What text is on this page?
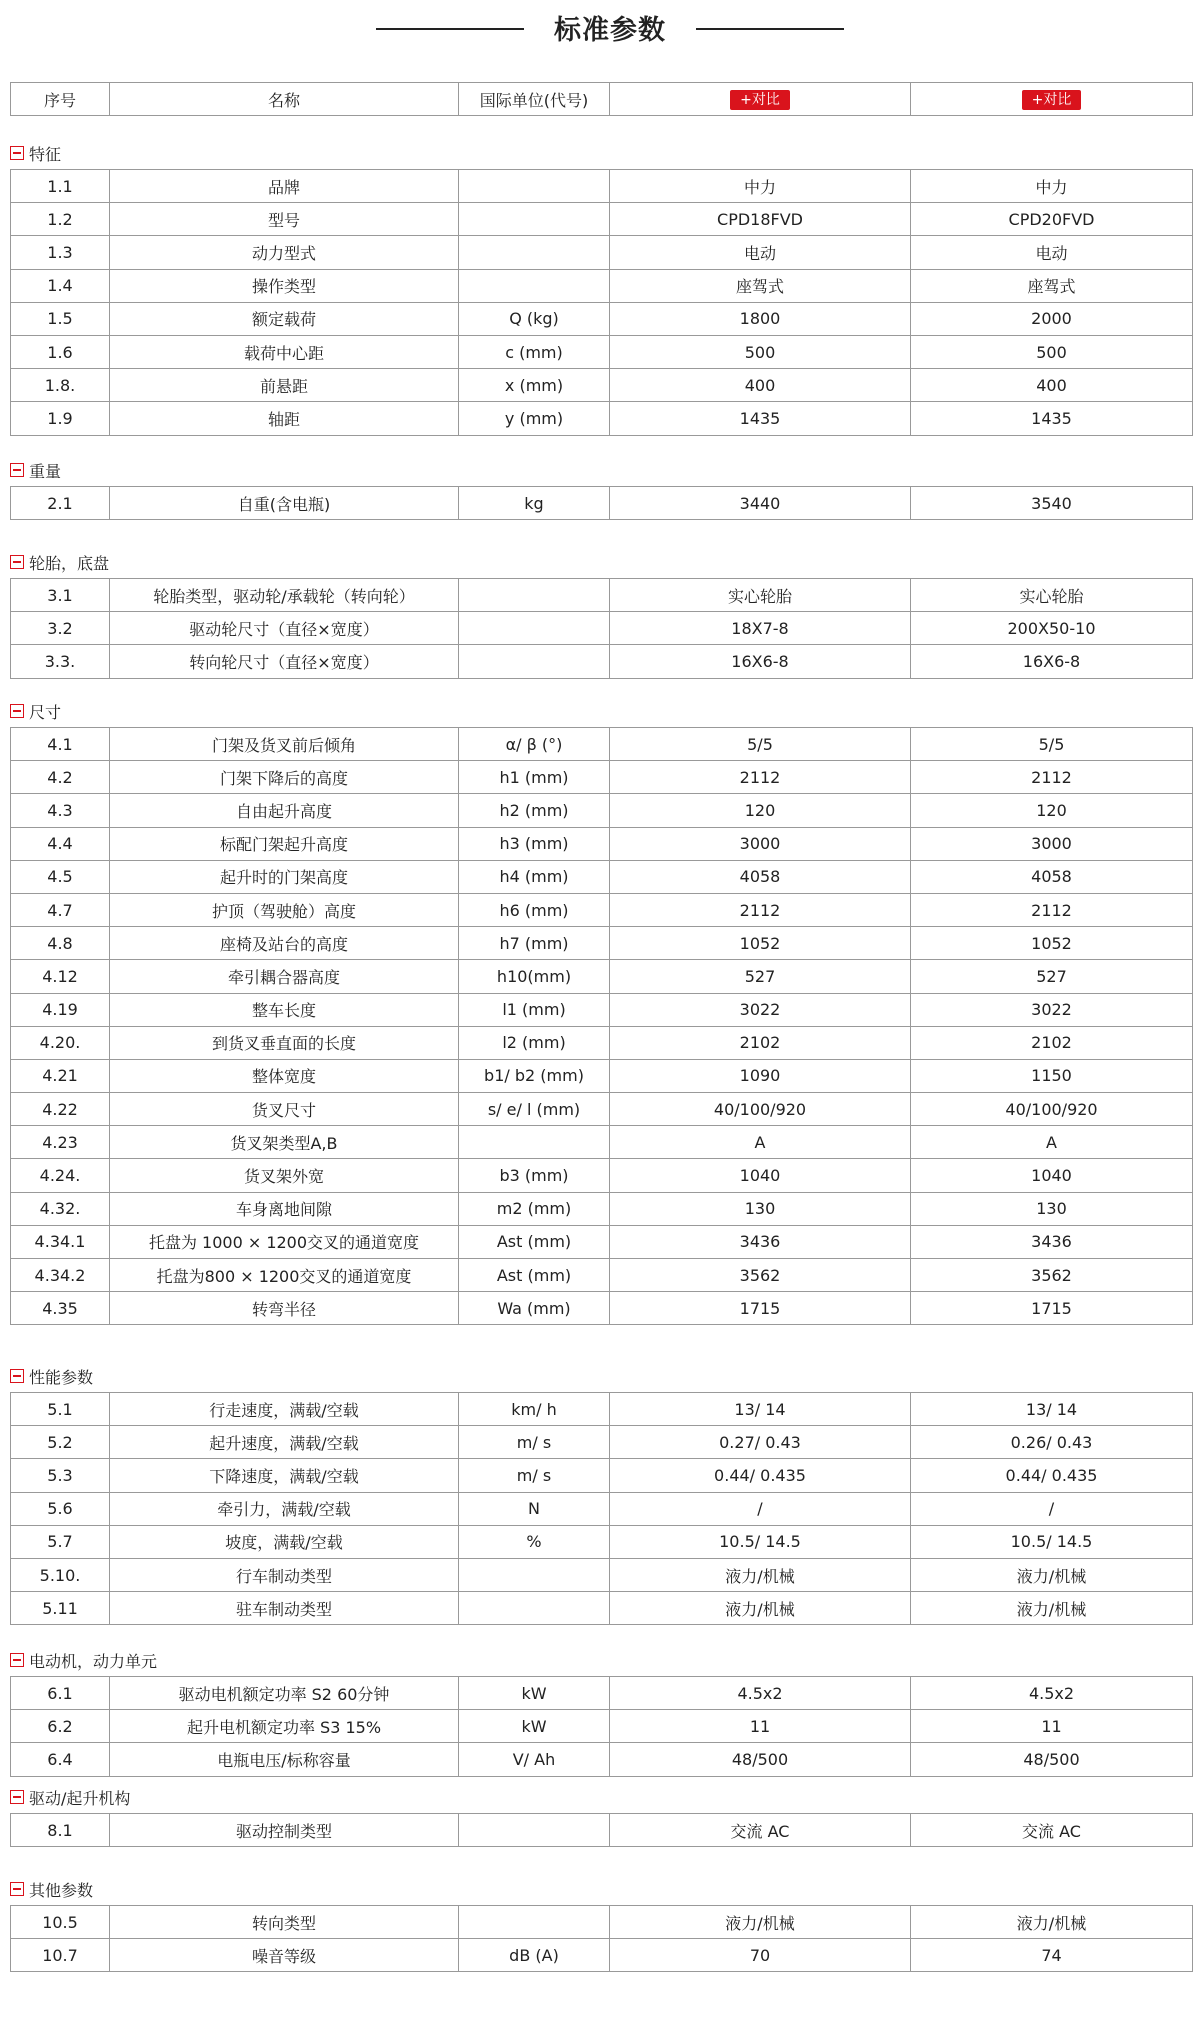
标准参数
序号	名称	国际单位(代号)	+对比	+对比
特征
1.1	品牌		中力	中力
1.2	型号		CPD18FVD	CPD20FVD
1.3	动力型式		电动	电动
1.4	操作类型		座驾式	座驾式
1.5	额定载荷	Q (kg)	1800	2000
1.6	载荷中心距	c (mm)	500	500
1.8.	前悬距	x (mm)	400	400
1.9	轴距	y (mm)	1435	1435
重量
2.1	自重(含电瓶)	kg	3440	3540
轮胎，底盘
3.1	轮胎类型，驱动轮/承载轮（转向轮）		实心轮胎	实心轮胎
3.2	驱动轮尺寸（直径×宽度）		18X7-8	200X50-10
3.3.	转向轮尺寸（直径×宽度）		16X6-8	16X6-8
尺寸
4.1	门架及货叉前后倾角	α/ β (°)	5/5	5/5
4.2	门架下降后的高度	h1 (mm)	2112	2112
4.3	自由起升高度	h2 (mm)	120	120
4.4	标配门架起升高度	h3 (mm)	3000	3000
4.5	起升时的门架高度	h4 (mm)	4058	4058
4.7	护顶（驾驶舱）高度	h6 (mm)	2112	2112
4.8	座椅及站台的高度	h7 (mm)	1052	1052
4.12	牵引耦合器高度	h10(mm)	527	527
4.19	整车长度	l1 (mm)	3022	3022
4.20.	到货叉垂直面的长度	l2 (mm)	2102	2102
4.21	整体宽度	b1/ b2 (mm)	1090	1150
4.22	货叉尺寸	s/ e/ l (mm)	40/100/920	40/100/920
4.23	货叉架类型A,B		A	A
4.24.	货叉架外宽	b3 (mm)	1040	1040
4.32.	车身离地间隙	m2 (mm)	130	130
4.34.1	托盘为 1000 × 1200交叉的通道宽度	Ast (mm)	3436	3436
4.34.2	托盘为800 × 1200交叉的通道宽度	Ast (mm)	3562	3562
4.35	转弯半径	Wa (mm)	1715	1715
性能参数
5.1	行走速度，满载/空载	km/ h	13/ 14	13/ 14
5.2	起升速度，满载/空载	m/ s	0.27/ 0.43	0.26/ 0.43
5.3	下降速度，满载/空载	m/ s	0.44/ 0.435	0.44/ 0.435
5.6	牵引力，满载/空载	N	/	/
5.7	坡度，满载/空载	%	10.5/ 14.5	10.5/ 14.5
5.10.	行车制动类型		液力/机械	液力/机械
5.11	驻车制动类型		液力/机械	液力/机械
电动机，动力单元
6.1	驱动电机额定功率 S2 60分钟	kW	4.5x2	4.5x2
6.2	起升电机额定功率 S3 15%	kW	11	11
6.4	电瓶电压/标称容量	V/ Ah	48/500	48/500
驱动/起升机构
8.1	驱动控制类型		交流 AC	交流 AC
其他参数
10.5	转向类型		液力/机械	液力/机械
10.7	噪音等级	dB (A)	70	74
